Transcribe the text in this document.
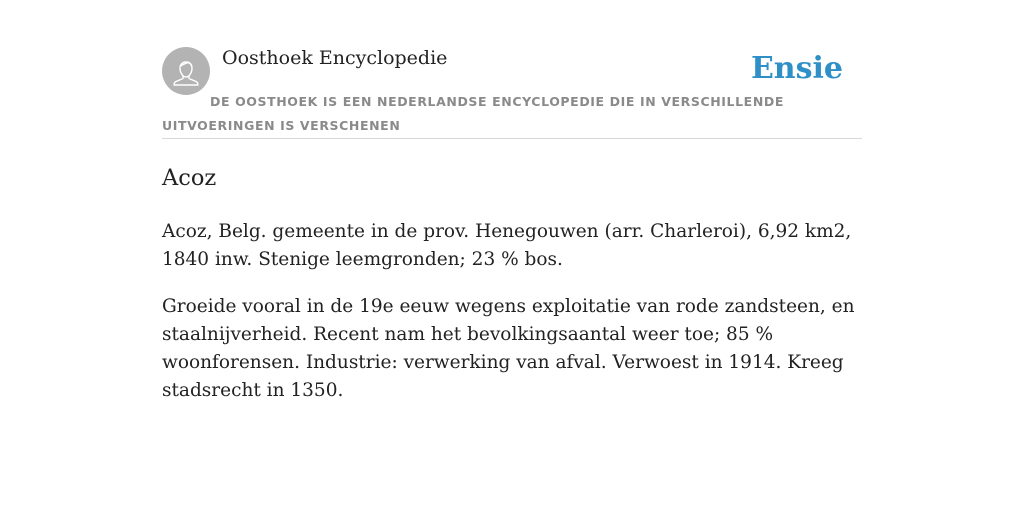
Oosthoek Encyclopedie	Ensie
DE OOSTHOEK IS EEN NEDERLANDSE ENCYCLOPEDIE DIE IN VERSCHILLENDE UITVOERINGEN IS VERSCHENEN
Acoz

Acoz, Belg. gemeente in de prov. Henegouwen (arr. Charleroi), 6,92 km2, 1840 inw. Stenige leemgronden; 23 % bos.

Groeide vooral in de 19e eeuw wegens exploitatie van rode zandsteen, en staalnijverheid. Recent nam het bevolkingsaantal weer toe; 85 % woonforensen. Industrie: verwerking van afval. Verwoest in 1914. Kreeg stadsrecht in 1350.
